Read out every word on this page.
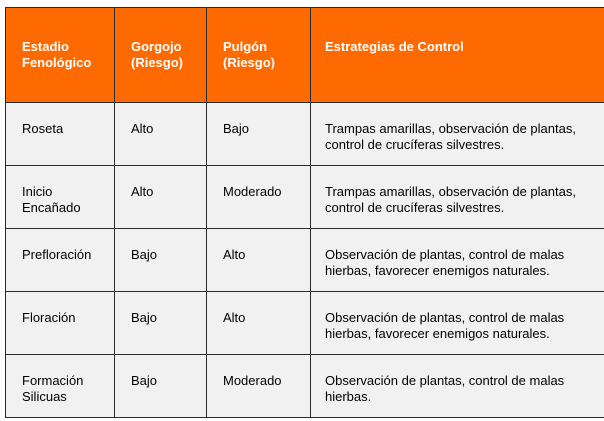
Estadio Fenológico	Gorgojo (Riesgo)	Pulgón (Riesgo)	Estrategias de Control
Roseta	Alto	Bajo	Trampas amarillas, observación de plantas, control de crucíferas silvestres.
Inicio Encañado	Alto	Moderado	Trampas amarillas, observación de plantas, control de crucíferas silvestres.
Prefloración	Bajo	Alto	Observación de plantas, control de malas hierbas, favorecer enemigos naturales.
Floración	Bajo	Alto	Observación de plantas, control de malas hierbas, favorecer enemigos naturales.
Formación Silicuas	Bajo	Moderado	Observación de plantas, control de malas hierbas.
